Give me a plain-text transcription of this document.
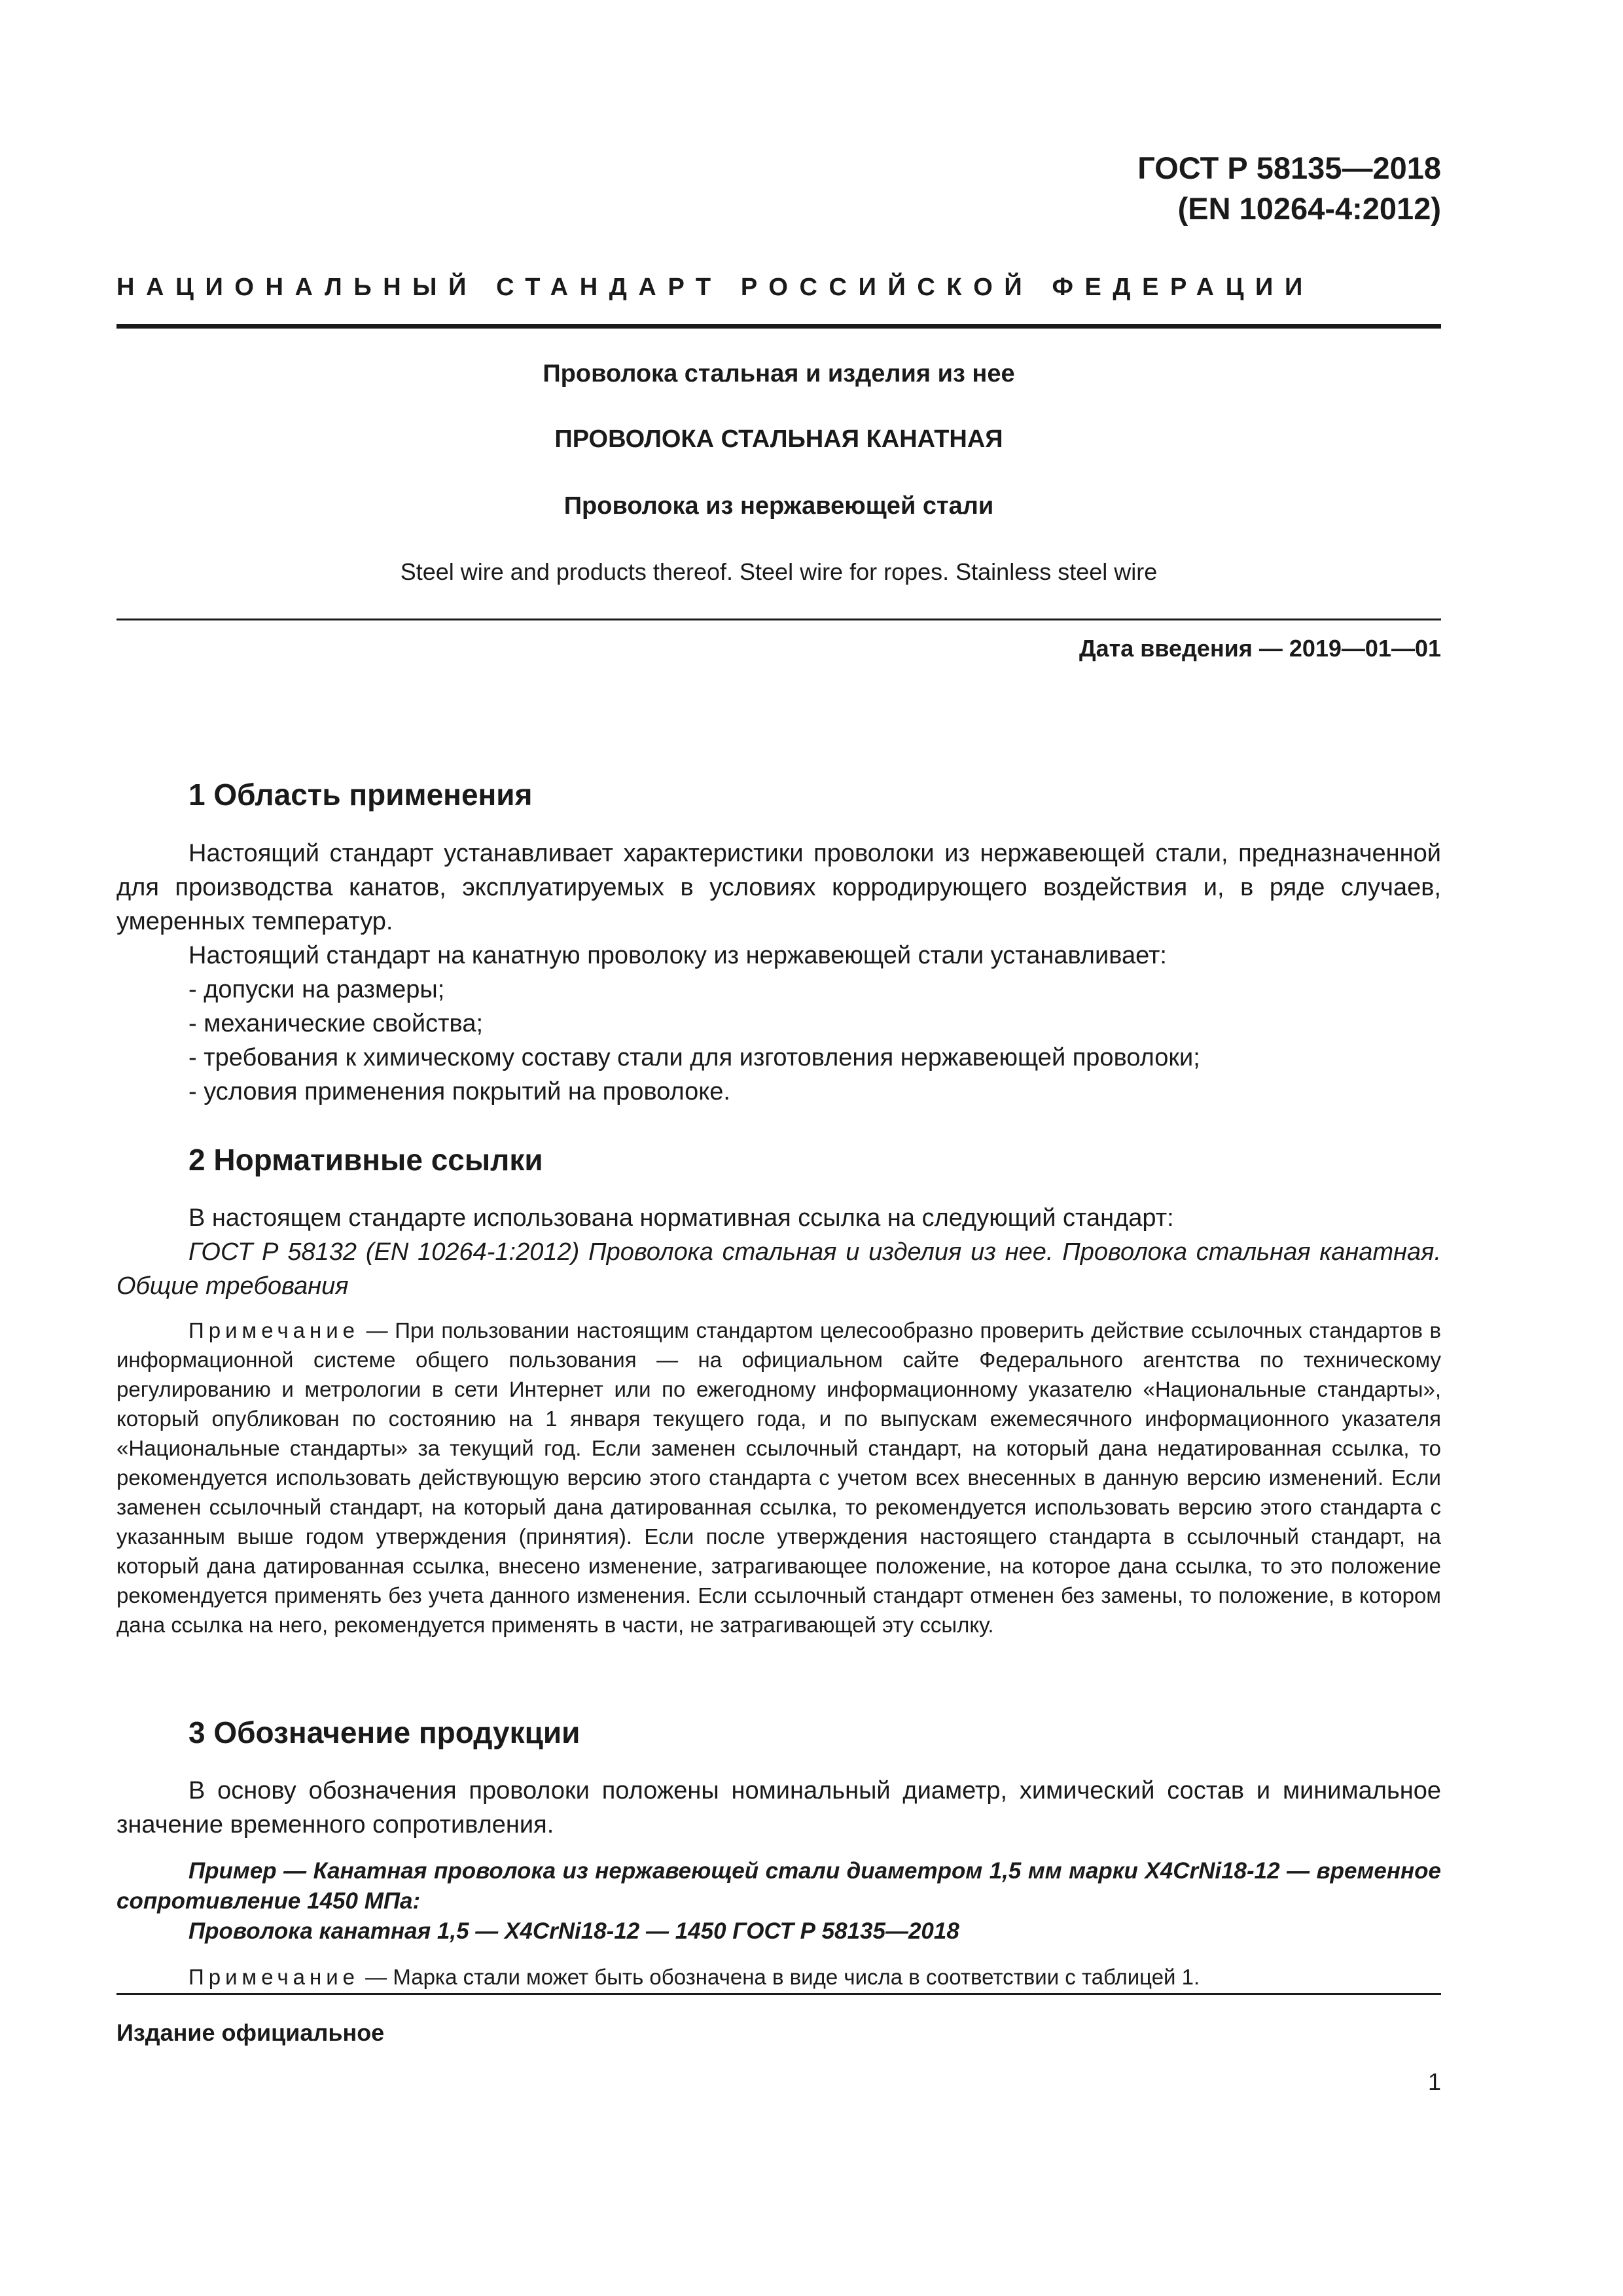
ГОСТ Р 58135—2018
(EN 10264-4:2012)
НАЦИОНАЛЬНЫЙ СТАНДАРТ РОССИЙСКОЙ ФЕДЕРАЦИИ
Проволока стальная и изделия из нее
ПРОВОЛОКА СТАЛЬНАЯ КАНАТНАЯ
Проволока из нержавеющей стали
Steel wire and products thereof. Steel wire for ropes. Stainless steel wire
Дата введения — 2019—01—01
1 Область применения

Настоящий стандарт устанавливает характеристики проволоки из нержавеющей стали, предназначенной для производства канатов, эксплуатируемых в условиях корродирующего воздействия и, в ряде случаев, умеренных температур.

Настоящий стандарт на канатную проволоку из нержавеющей стали устанавливает:

- допуски на размеры;

- механические свойства;

- требования к химическому составу стали для изготовления нержавеющей проволоки;

- условия применения покрытий на проволоке.

2 Нормативные ссылки

В настоящем стандарте использована нормативная ссылка на следующий стандарт:

ГОСТ Р 58132 (EN 10264-1:2012) Проволока стальная и изделия из нее. Проволока стальная канатная. Общие требования

Примечание — При пользовании настоящим стандартом целесообразно проверить действие ссылочных стандартов в информационной системе общего пользования — на официальном сайте Федерального агентства по техническому регулированию и метрологии в сети Интернет или по ежегодному информационному указателю «Национальные стандарты», который опубликован по состоянию на 1 января текущего года, и по выпускам ежемесячного информационного указателя «Национальные стандарты» за текущий год. Если заменен ссылочный стандарт, на который дана недатированная ссылка, то рекомендуется использовать действующую версию этого стандарта с учетом всех внесенных в данную версию изменений. Если заменен ссылочный стандарт, на который дана датированная ссылка, то рекомендуется использовать версию этого стандарта с указанным выше годом утверждения (принятия). Если после утверждения настоящего стандарта в ссылочный стандарт, на который дана датированная ссылка, внесено изменение, затрагивающее положение, на которое дана ссылка, то это положение рекомендуется применять без учета данного изменения. Если ссылочный стандарт отменен без замены, то положение, в котором дана ссылка на него, рекомендуется применять в части, не затрагивающей эту ссылку.
3 Обозначение продукции

В основу обозначения проволоки положены номинальный диаметр, химический состав и минимальное значение временного сопротивления.

Пример — Канатная проволока из нержавеющей стали диаметром 1,5 мм марки X4CrNi18-12 — временное сопротивление 1450 МПа:

Проволока канатная 1,5 — X4CrNi18-12 — 1450 ГОСТ Р 58135—2018

Примечание — Марка стали может быть обозначена в виде числа в соответствии с таблицей 1.
Издание официальное
1
